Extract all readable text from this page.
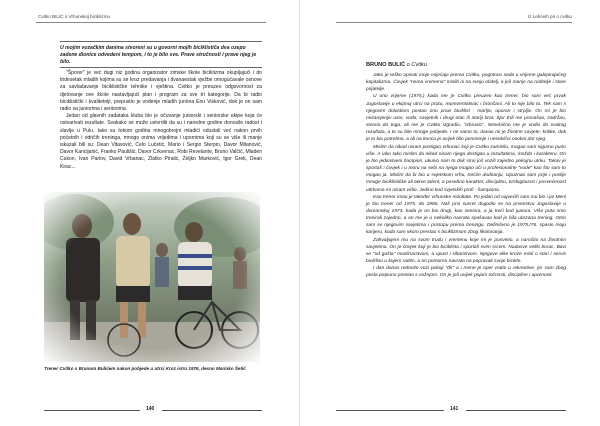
Cvitko BILIĆ o Vrhunskoj biciklizmu
U mojim vozačkim danima stvoreni su u govorni mojih biciklističa dva ozepo zadene dionice odvedeni tempom, i to je bilo sve. Prave stručnosti i prave njeg je bilo.

"Šporer" je već dugi niz godina organizator zimske škole biciklizma okupljajući i do tridesetak mladih kojima su se kroz predavanja i dvanaestak vježbe omogućavale osnove za savladavanje biciklističke tehnike i vještina. Cvitko je preuzeo odgovornost za djelovanje ove škole nastavljajući plan i program za sve tri kategorije. Da bi radio biciklistički i kvalitetniji, prepustio je vođenje mladih juniora Enu Visković, dok je on sam radio sa juniorima i seniorima.

Jedan od glavnih zadataka kluba bio je očuvanje juniorski i seniorske ekipe koja će ostvarivati rezultate. Svakako se može ustvrditi da su i naredne godine donosile radost i slavlje u Pulu. Iako su tokom godina mnogobrojni mladići odustali već nakon prvih početnih i odričih treninga, mnogo onima vrijedima i upornima koji su se više ili manje iskazali bili su: Dean Vitasović, Celo Lučetić, Mario i Sergio Sterpin, Davor Milanović, Davor Kancijanić, Franko Paulišić, Davor Crkvenac, Robi Revelante, Bruno Valčić, Mladen Cukon, Ivan Parlov, David Vrbanac, Zlatko Piralić, Željko Marković, Igor Grek, Dean Kirac...

Trener Cvitko s Brunom Bulićem nakon pobjede u utrci Kroz istru 1976, desno Marinko Šetić
140
Iz Lebovih pri o cvitku
BRUNO BULIĆ o Cvitku

Jako je teško opisati moje osjećaje prema Cvitku, pogotovo sada u vrijeme galopirajućeg kapitalizma. Čovjek "nema vremena" misliti ni na svoju obitelj, a još manje na roditelje i stare prijatelje.

U ono vrijeme (1975.) kada me je Cvitko preuzeo kao trener, bio sam već prvak Jugoslavije u ekipnoj utrci na prutu, reprezentativac i brončani. Ali to nije bilo to. Tek sam s njegovim dolaskom postao ono pravi biciklist - marljiv, uporan i strpljiv. On mi je bio nezamjenjiv uzor, vođa, savjetnik i drugi otac ili stariji brat. Šjor Edi me pronašao, zadržao, stvorio do toga, ali me je Cvitko izgradio, "izbrusio". Nesebično me je vodio do svakog rezultata, a to su bile mnoge pobjede. I ne samo to, davao mi je životne savjete, kritike, dok je to bio potrebno, a ali na koncu je uvijek bilo pomirenje i nesebični osobni dar njeg.

Mislim da nikad nisam postigao vrhunac koji je Cvitko zamislio, mogao sam sigurno puno više. A iako tako mislim da nikad nisam njega dostigao u rezultatima, možda i karakteru. On je bio jedinstveni šampion, ukusio sam to dok smo još vozili zajedno pokojnu utrku. Takav je sportaš i čovjek i u moru na sebi na njega mogao uči u profesionalne "vode" kao što sam to mogao ja. Mislim da bi bio u svjetskom vrhu, trećim dodiranju. Upoznao sam prije i poslije mnoge biciklističke ali takve talent, a posebno karakter, disciplinu, tvrdoglavost i posvećenost uitrkama mi nisam vidio. Jedino kod svjetskih profi - šampiona.

Kao trener imao je također vrhunske rezultate. Po jedan od najvećih sam mu bio i ja! Meni je bio trener od 1975. do 1985. Naš prvi susret dogodio se na prvenstvu Jugoslavije u dvoranskoj 1973. kada je on bio drugi, kao seniora, a ja treći kod juniora. Više puta smo trenirali zajedno, a on me je u nekoliko navrata spašavao kad je bila ubrzana trening. Otrio sam se njegovim savjetima i pristupu prema treningu. Definitivno je 1975./76. spasio moju karijeru, kada sam skoro prestao s biciklizmom zbog školovanja.

Zahvaljujem mu na svom trudu i vremenu koje mi je posvetio, a naročito na životnim savjetima. On je čovjek koji je bio biciklista i sportaš svim srcem. Nadasve veliki borac. Bavi se "od gušta" maslinarstvom, a upust i siltaristvom. Njegove elite kroze misli o stari i servis biciklisu u kojem radim, a on pomorno navrata na popravak svoje bicikle.

I dan danas redovito vozi pokoji "đir" a i mene je opet vratio u rekreative, jer sam zbog posla potpuno prestao s vožnjom. On je još uvijek pojam točnosti, discipline i upornosti.

141
